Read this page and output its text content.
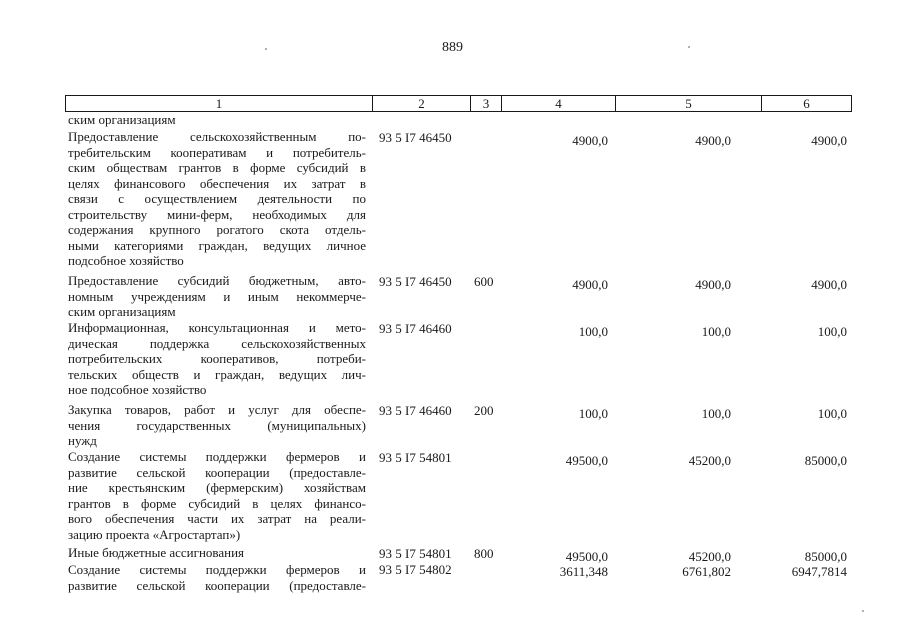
889
1	2	3	4	5	6
ским организациям
Предоставление сельскохозяйственным по-
требительским кооперативам и потребитель-
ским обществам грантов в форме субсидий в
целях финансового обеспечения их затрат в
связи с осуществлением деятельности по
строительству мини-ферм, необходимых для
содержания крупного рогатого скота отдель-
ными категориями граждан, ведущих личное
подсобное хозяйство
93 5 I7 46450	4900,0	4900,0	4900,0
Предоставление субсидий бюджетным, авто-
номным учреждениям и иным некоммерче-
ским организациям
93 5 I7 46450 600	4900,0	4900,0	4900,0
Информационная, консультационная и мето-
дическая поддержка сельскохозяйственных
потребительских кооперативов, потреби-
тельских обществ и граждан, ведущих лич-
ное подсобное хозяйство
93 5 I7 46460	100,0	100,0	100,0
Закупка товаров, работ и услуг для обеспе-
чения государственных (муниципальных)
нужд
93 5 I7 46460 200	100,0	100,0	100,0
Создание системы поддержки фермеров и
развитие сельской кооперации (предоставле-
ние крестьянским (фермерским) хозяйствам
грантов в форме субсидий в целях финансо-
вого обеспечения части их затрат на реали-
зацию проекта «Агростартап»)
93 5 I7 54801	49500,0	45200,0	85000,0
Иные бюджетные ассигнования	93 5 I7 54801 800	49500,0	45200,0	85000,0
Создание системы поддержки фермеров и
развитие сельской кооперации (предоставле-
93 5 I7 54802	3611,348	6761,802	6947,7814
